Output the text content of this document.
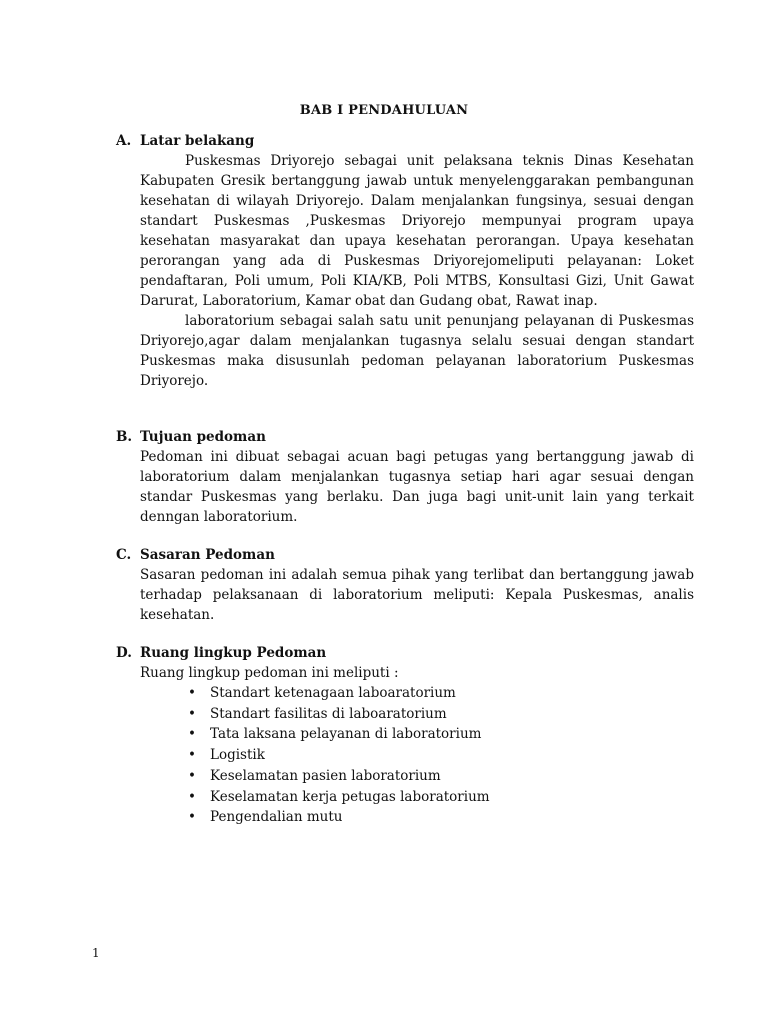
BAB I PENDAHULUAN
A. Latar belakang

Puskesmas Driyorejo sebagai unit pelaksana teknis Dinas Kesehatan Kabupaten Gresik bertanggung jawab untuk menyelenggarakan pembangunan kesehatan di wilayah Driyorejo. Dalam menjalankan fungsinya, sesuai dengan standart Puskesmas ,Puskesmas Driyorejo mempunyai program upaya kesehatan masyarakat dan upaya kesehatan perorangan. Upaya kesehatan perorangan yang ada di Puskesmas Driyorejomeliputi pelayanan: Loket pendaftaran, Poli umum, Poli KIA/KB, Poli MTBS, Konsultasi Gizi, Unit Gawat Darurat, Laboratorium, Kamar obat dan Gudang obat, Rawat inap.

laboratorium sebagai salah satu unit penunjang pelayanan di Puskesmas Driyorejo,agar dalam menjalankan tugasnya selalu sesuai dengan standart Puskesmas maka disusunlah pedoman pelayanan laboratorium Puskesmas Driyorejo.

B. Tujuan pedoman

Pedoman ini dibuat sebagai acuan bagi petugas yang bertanggung jawab di laboratorium dalam menjalankan tugasnya setiap hari agar sesuai dengan standar Puskesmas yang berlaku. Dan juga bagi unit-unit lain yang terkait denngan laboratorium.

C. Sasaran Pedoman

Sasaran pedoman ini adalah semua pihak yang terlibat dan bertanggung jawab terhadap pelaksanaan di laboratorium meliputi: Kepala Puskesmas, analis kesehatan.

D. Ruang lingkup Pedoman

Ruang lingkup pedoman ini meliputi :

• Standart ketenagaan laboaratorium
• Standart fasilitas di laboaratorium
• Tata laksana pelayanan di laboratorium
• Logistik
• Keselamatan pasien laboratorium
• Keselamatan kerja petugas laboratorium
• Pengendalian mutu
1
